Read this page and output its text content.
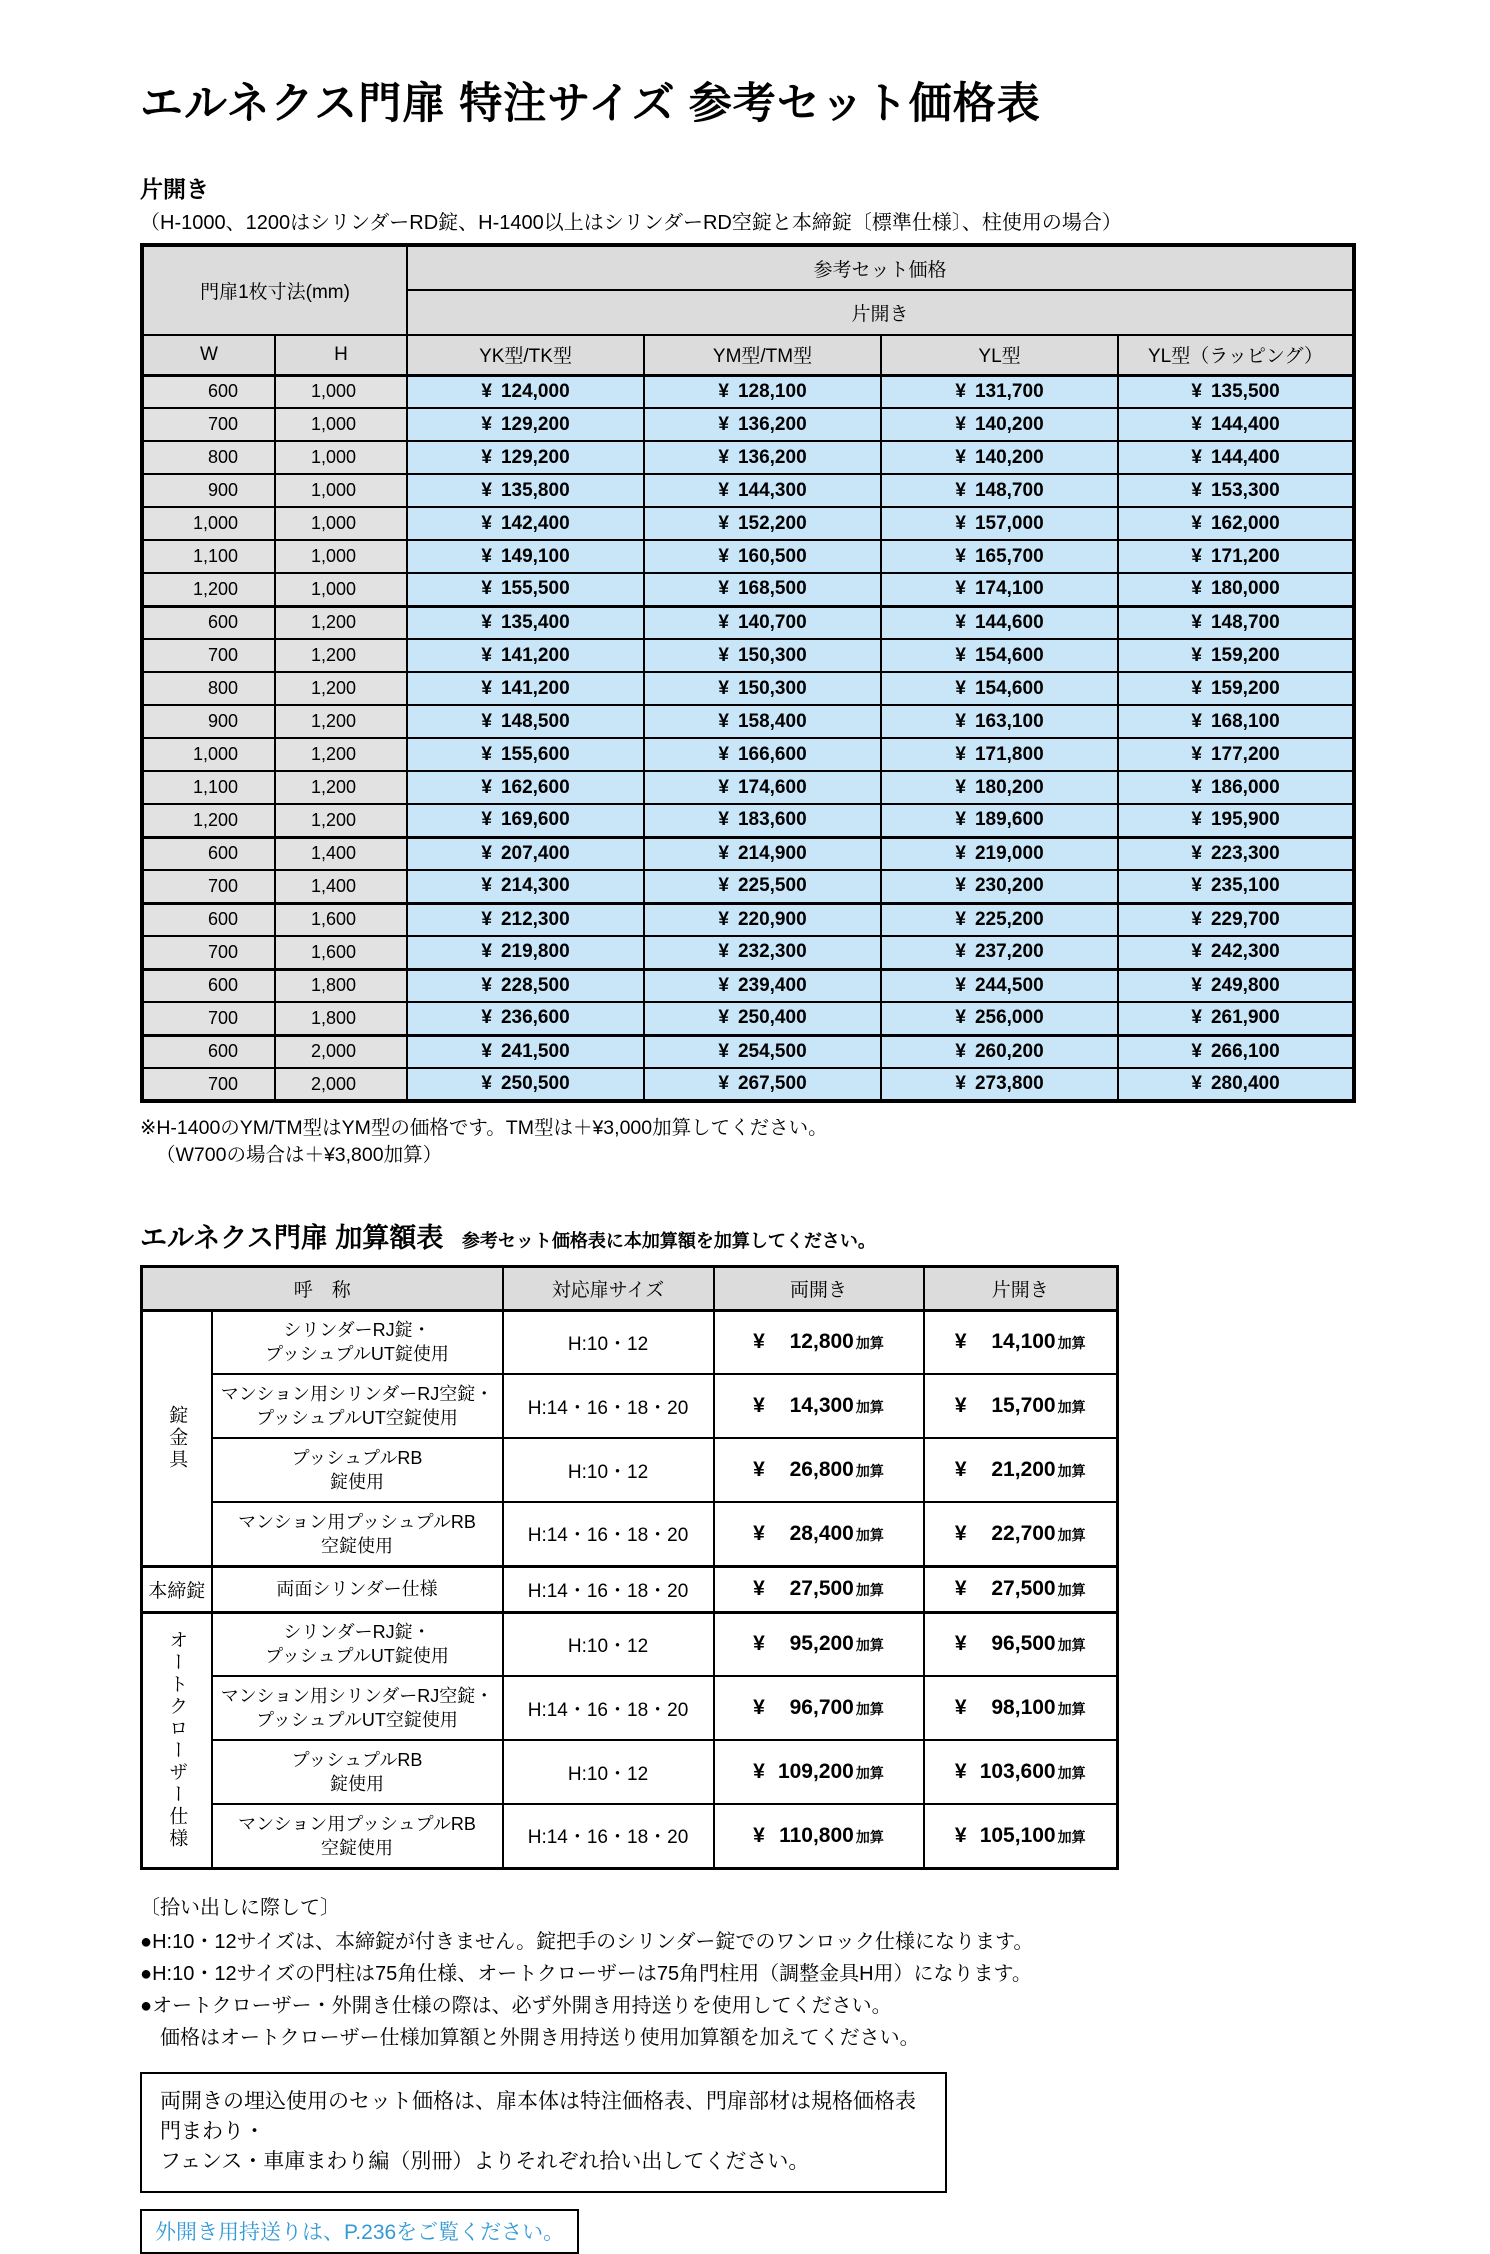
エルネクス門扉 特注サイズ 参考セット価格表
片開き
（H-1000、1200はシリンダーRD錠、H-1400以上はシリンダーRD空錠と本締錠〔標準仕様〕、柱使用の場合）
門扉1枚寸法(mm)		参考セット価格			
		片開き			
W	H	YK型/TK型	YM型/TM型	YL型	YL型（ラッピング）
600	1,000	¥ 124,000	¥ 128,100	¥ 131,700	¥ 135,500
700	1,000	¥ 129,200	¥ 136,200	¥ 140,200	¥ 144,400
800	1,000	¥ 129,200	¥ 136,200	¥ 140,200	¥ 144,400
900	1,000	¥ 135,800	¥ 144,300	¥ 148,700	¥ 153,300
1,000	1,000	¥ 142,400	¥ 152,200	¥ 157,000	¥ 162,000
1,100	1,000	¥ 149,100	¥ 160,500	¥ 165,700	¥ 171,200
1,200	1,000	¥ 155,500	¥ 168,500	¥ 174,100	¥ 180,000
600	1,200	¥ 135,400	¥ 140,700	¥ 144,600	¥ 148,700
700	1,200	¥ 141,200	¥ 150,300	¥ 154,600	¥ 159,200
800	1,200	¥ 141,200	¥ 150,300	¥ 154,600	¥ 159,200
900	1,200	¥ 148,500	¥ 158,400	¥ 163,100	¥ 168,100
1,000	1,200	¥ 155,600	¥ 166,600	¥ 171,800	¥ 177,200
1,100	1,200	¥ 162,600	¥ 174,600	¥ 180,200	¥ 186,000
1,200	1,200	¥ 169,600	¥ 183,600	¥ 189,600	¥ 195,900
600	1,400	¥ 207,400	¥ 214,900	¥ 219,000	¥ 223,300
700	1,400	¥ 214,300	¥ 225,500	¥ 230,200	¥ 235,100
600	1,600	¥ 212,300	¥ 220,900	¥ 225,200	¥ 229,700
700	1,600	¥ 219,800	¥ 232,300	¥ 237,200	¥ 242,300
600	1,800	¥ 228,500	¥ 239,400	¥ 244,500	¥ 249,800
700	1,800	¥ 236,600	¥ 250,400	¥ 256,000	¥ 261,900
600	2,000	¥ 241,500	¥ 254,500	¥ 260,200	¥ 266,100
700	2,000	¥ 250,500	¥ 267,500	¥ 273,800	¥ 280,400
※H-1400のYM/TM型はYM型の価格です。TM型は＋¥3,000加算してください。
（W700の場合は＋¥3,800加算）
エルネクス門扉 加算額表 参考セット価格表に本加算額を加算してください。
呼　称		対応扉サイズ	両開き	片開き
錠金具	シリンダーRJ錠・
プッシュプルUT錠使用	H:10・12	¥ 12,800 加算	¥ 14,100 加算
	マンション用シリンダーRJ空錠・
プッシュプルUT空錠使用	H:14・16・18・20	¥ 14,300 加算	¥ 15,700 加算
	プッシュプルRB
錠使用	H:10・12	¥ 26,800 加算	¥ 21,200 加算
	マンション用プッシュプルRB
空錠使用	H:14・16・18・20	¥ 28,400 加算	¥ 22,700 加算
本締錠	両面シリンダー仕様	H:14・16・18・20	¥ 27,500 加算	¥ 27,500 加算
オートクローザー仕様	シリンダーRJ錠・
プッシュプルUT錠使用	H:10・12	¥ 95,200 加算	¥ 96,500 加算
	マンション用シリンダーRJ空錠・
プッシュプルUT空錠使用	H:14・16・18・20	¥ 96,700 加算	¥ 98,100 加算
	プッシュプルRB
錠使用	H:10・12	¥ 109,200 加算	¥ 103,600 加算
	マンション用プッシュプルRB
空錠使用	H:14・16・18・20	¥ 110,800 加算	¥ 105,100 加算
〔拾い出しに際して〕
●H:10・12サイズは、本締錠が付きません。錠把手のシリンダー錠でのワンロック仕様になります。
●H:10・12サイズの門柱は75角仕様、オートクローザーは75角門柱用（調整金具H用）になります。
●オートクローザー・外開き仕様の際は、必ず外開き用持送りを使用してください。
　価格はオートクローザー仕様加算額と外開き用持送り使用加算額を加えてください。
両開きの埋込使用のセット価格は、扉本体は特注価格表、門扉部材は規格価格表　門まわり・
フェンス・車庫まわり編（別冊）よりそれぞれ拾い出してください。
外開き用持送りは、P.236をご覧ください。
